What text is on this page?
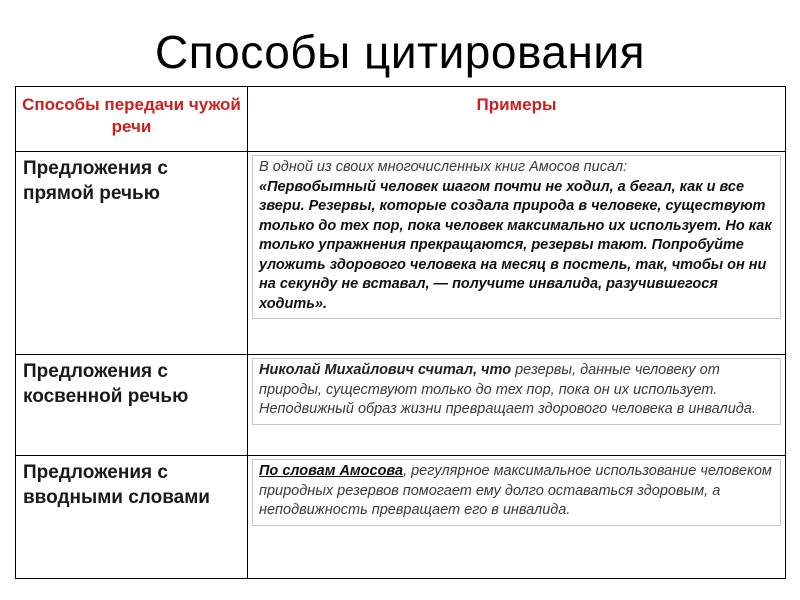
Способы цитирования
Способы передачи чужой речи	Примеры

Предложения с прямой речью	В одной из своих многочисленных книг Амосов писал:
«Первобытный человек шагом почти не ходил, а бегал, как и все звери. Резервы, которые создала природа в человеке, существуют только до тех пор, пока человек максимально их использует. Но как только упражнения прекращаются, резервы тают. Попробуйте уложить здорового человека на месяц в постель, так, чтобы он ни на секунду не вставал, — получите инвалида, разучившегося ходить».

Предложения с косвенной речью	Николай Михайлович считал, что резервы, данные человеку от природы, существуют только до тех пор, пока он их использует. Неподвижный образ жизни превращает здорового человека в инвалида.

Предложения с вводными словами	По словам Амосова, регулярное максимальное использование человеком природных резервов помогает ему долго оставаться здоровым, а неподвижность превращает его в инвалида.
